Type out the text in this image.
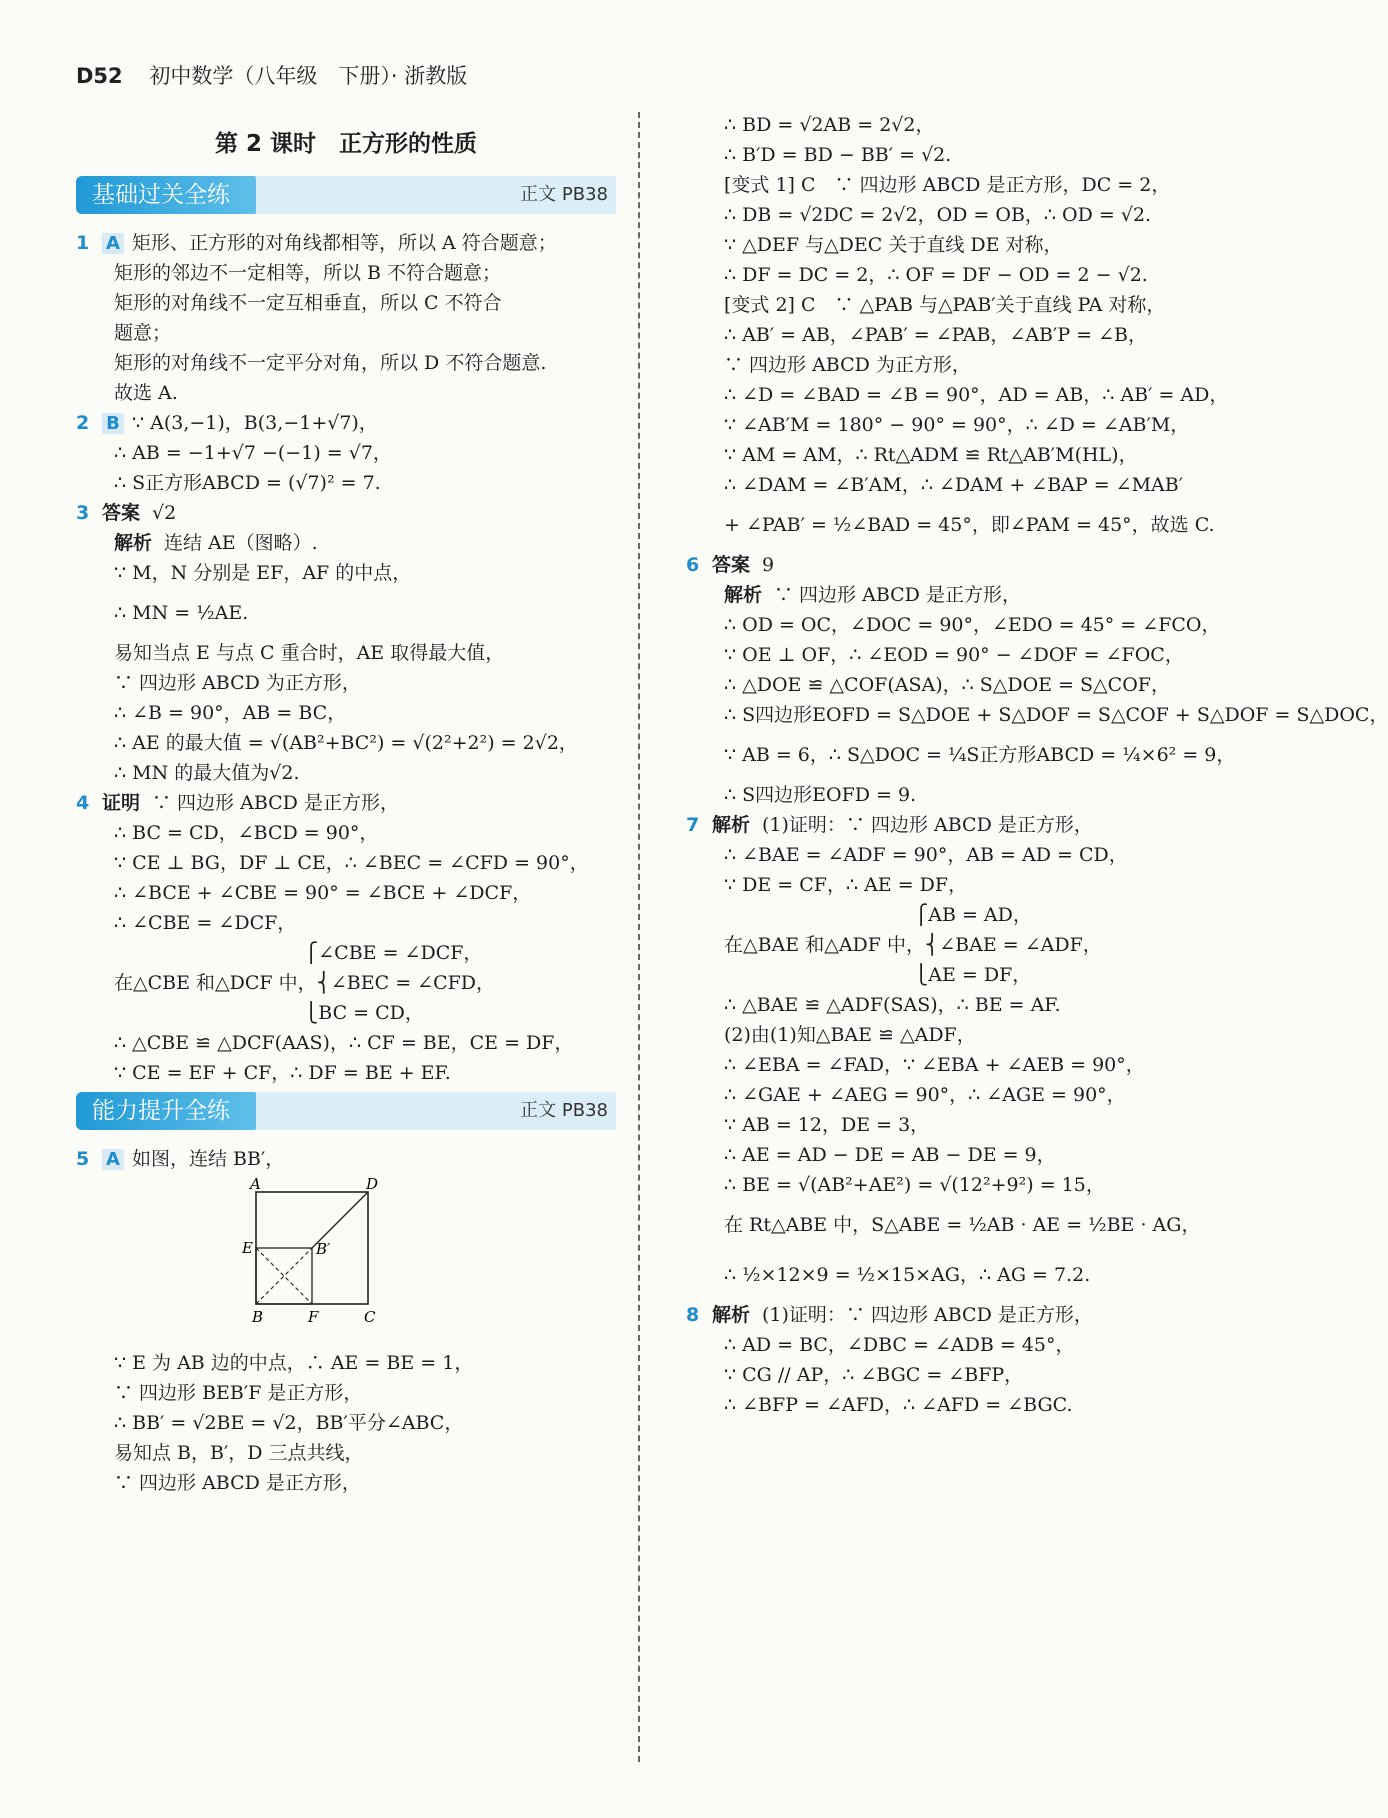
D52 初中数学（八年级　下册）· 浙教版
第 2 课时　正方形的性质
基础过关全练	正文 PB38
1 A 矩形、正方形的对角线都相等，所以 A 符合题意；
矩形的邻边不一定相等，所以 B 不符合题意；
矩形的对角线不一定互相垂直，所以 C 不符合
题意；
矩形的对角线不一定平分对角，所以 D 不符合题意.
故选 A.
2 B ∵ A(3,−1)，B(3,−1+√7)，
∴ AB = −1+√7 −(−1) = √7，
∴ S正方形ABCD = (√7)² = 7.
3 答案 √2
解析 连结 AE（图略）.
∵ M，N 分别是 EF，AF 的中点，
∴ MN = ½AE.
易知当点 E 与点 C 重合时，AE 取得最大值，
∵ 四边形 ABCD 为正方形，
∴ ∠B = 90°，AB = BC，
∴ AE 的最大值 = √(AB²+BC²) = √(2²+2²) = 2√2，
∴ MN 的最大值为√2.
4 证明 ∵ 四边形 ABCD 是正方形，
∴ BC = CD，∠BCD = 90°，
∵ CE ⊥ BG，DF ⊥ CE，∴ ∠BEC = ∠CFD = 90°，
∴ ∠BCE + ∠CBE = 90° = ∠BCE + ∠DCF，
∴ ∠CBE = ∠DCF，
　　　　　　　　　　⎧∠CBE = ∠DCF，
在△CBE 和△DCF 中，⎨∠BEC = ∠CFD，
　　　　　　　　　　⎩BC = CD，
∴ △CBE ≌ △DCF(AAS)，∴ CF = BE，CE = DF，
∵ CE = EF + CF，∴ DF = BE + EF.
能力提升全练	正文 PB38
5 A 如图，连结 BB′，
A	D
E	B′
B	F	C
∵ E 为 AB 边的中点，∴ AE = BE = 1，
∵ 四边形 BEB′F 是正方形，
∴ BB′ = √2BE = √2，BB′平分∠ABC，
易知点 B，B′，D 三点共线，
∵ 四边形 ABCD 是正方形，
∴ BD = √2AB = 2√2，
∴ B′D = BD − BB′ = √2.
[变式 1] C　∵ 四边形 ABCD 是正方形，DC = 2，
∴ DB = √2DC = 2√2，OD = OB，∴ OD = √2.
∵ △DEF 与△DEC 关于直线 DE 对称，
∴ DF = DC = 2，∴ OF = DF − OD = 2 − √2.
[变式 2] C　∵ △PAB 与△PAB′关于直线 PA 对称，
∴ AB′ = AB，∠PAB′ = ∠PAB，∠AB′P = ∠B，
∵ 四边形 ABCD 为正方形，
∴ ∠D = ∠BAD = ∠B = 90°，AD = AB，∴ AB′ = AD，
∵ ∠AB′M = 180° − 90° = 90°，∴ ∠D = ∠AB′M，
∵ AM = AM，∴ Rt△ADM ≌ Rt△AB′M(HL)，
∴ ∠DAM = ∠B′AM，∴ ∠DAM + ∠BAP = ∠MAB′
+ ∠PAB′ = ½∠BAD = 45°，即∠PAM = 45°，故选 C.
6 答案 9
解析 ∵ 四边形 ABCD 是正方形，
∴ OD = OC，∠DOC = 90°，∠EDO = 45° = ∠FCO，
∵ OE ⊥ OF，∴ ∠EOD = 90° − ∠DOF = ∠FOC，
∴ △DOE ≌ △COF(ASA)，∴ S△DOE = S△COF，
∴ S四边形EOFD = S△DOE + S△DOF = S△COF + S△DOF = S△DOC，
∵ AB = 6，∴ S△DOC = ¼S正方形ABCD = ¼×6² = 9，
∴ S四边形EOFD = 9.
7 解析 (1)证明：∵ 四边形 ABCD 是正方形，
∴ ∠BAE = ∠ADF = 90°，AB = AD = CD，
∵ DE = CF，∴ AE = DF，
　　　　　　　　　　⎧AB = AD，
在△BAE 和△ADF 中，⎨∠BAE = ∠ADF，
　　　　　　　　　　⎩AE = DF，
∴ △BAE ≌ △ADF(SAS)，∴ BE = AF.
(2)由(1)知△BAE ≌ △ADF，
∴ ∠EBA = ∠FAD，∵ ∠EBA + ∠AEB = 90°，
∴ ∠GAE + ∠AEG = 90°，∴ ∠AGE = 90°，
∵ AB = 12，DE = 3，
∴ AE = AD − DE = AB − DE = 9，
∴ BE = √(AB²+AE²) = √(12²+9²) = 15，
在 Rt△ABE 中，S△ABE = ½AB · AE = ½BE · AG，
∴ ½×12×9 = ½×15×AG，∴ AG = 7.2.
8 解析 (1)证明：∵ 四边形 ABCD 是正方形，
∴ AD = BC，∠DBC = ∠ADB = 45°，
∵ CG // AP，∴ ∠BGC = ∠BFP，
∴ ∠BFP = ∠AFD，∴ ∠AFD = ∠BGC.
